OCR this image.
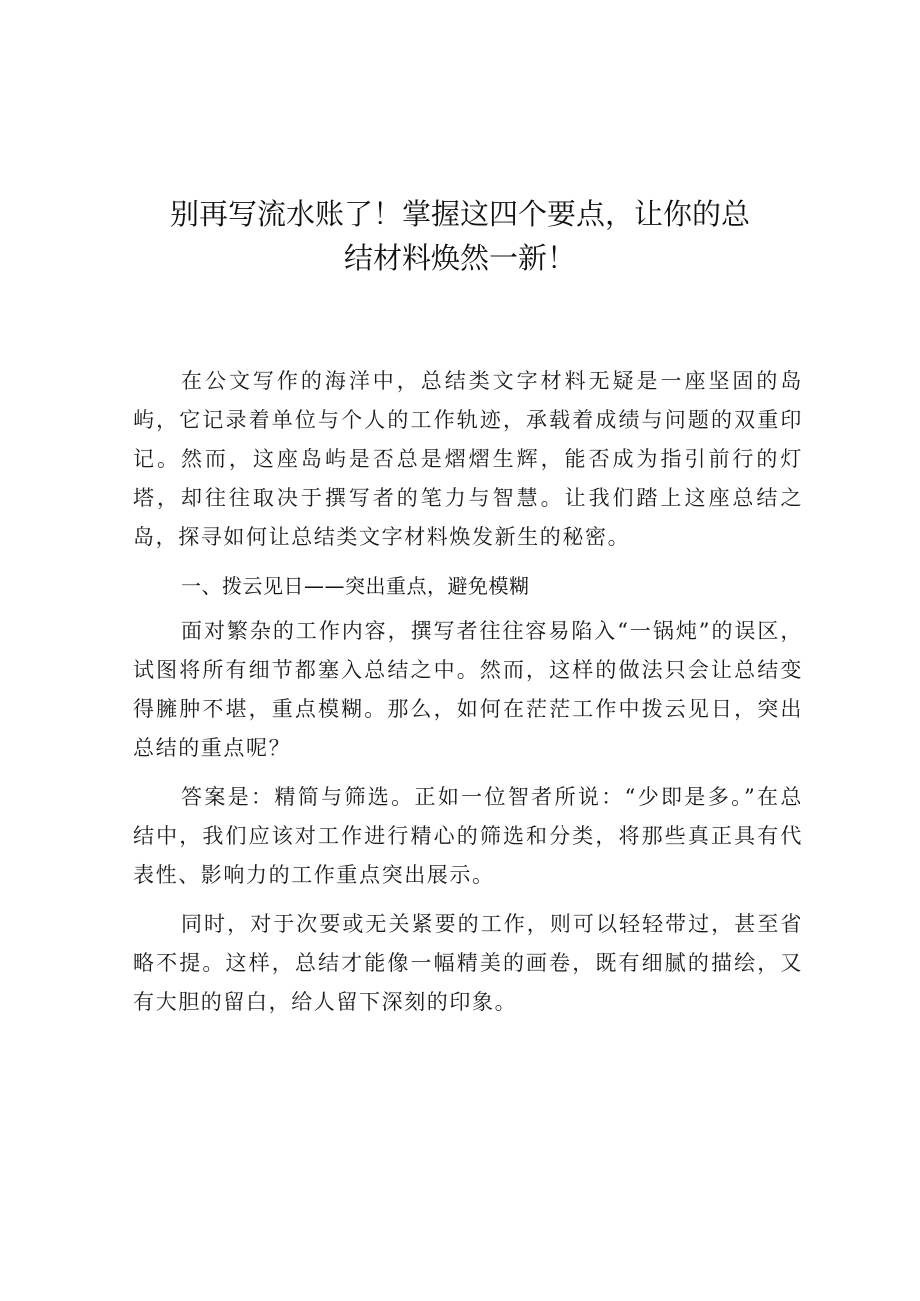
别再写流水账了！掌握这四个要点，让你的总
结材料焕然一新！

在公文写作的海洋中，总结类文字材料无疑是一座坚固的岛屿，它记录着单位与个人的工作轨迹，承载着成绩与问题的双重印记。然而，这座岛屿是否总是熠熠生辉，能否成为指引前行的灯塔，却往往取决于撰写者的笔力与智慧。让我们踏上这座总结之岛，探寻如何让总结类文字材料焕发新生的秘密。

一、拨云见日——突出重点，避免模糊

面对繁杂的工作内容，撰写者往往容易陷入“一锅炖”的误区，试图将所有细节都塞入总结之中。然而，这样的做法只会让总结变得臃肿不堪，重点模糊。那么，如何在茫茫工作中拨云见日，突出总结的重点呢？

答案是：精简与筛选。正如一位智者所说：“少即是多。”在总结中，我们应该对工作进行精心的筛选和分类，将那些真正具有代表性、影响力的工作重点突出展示。

同时，对于次要或无关紧要的工作，则可以轻轻带过，甚至省略不提。这样，总结才能像一幅精美的画卷，既有细腻的描绘，又有大胆的留白，给人留下深刻的印象。
